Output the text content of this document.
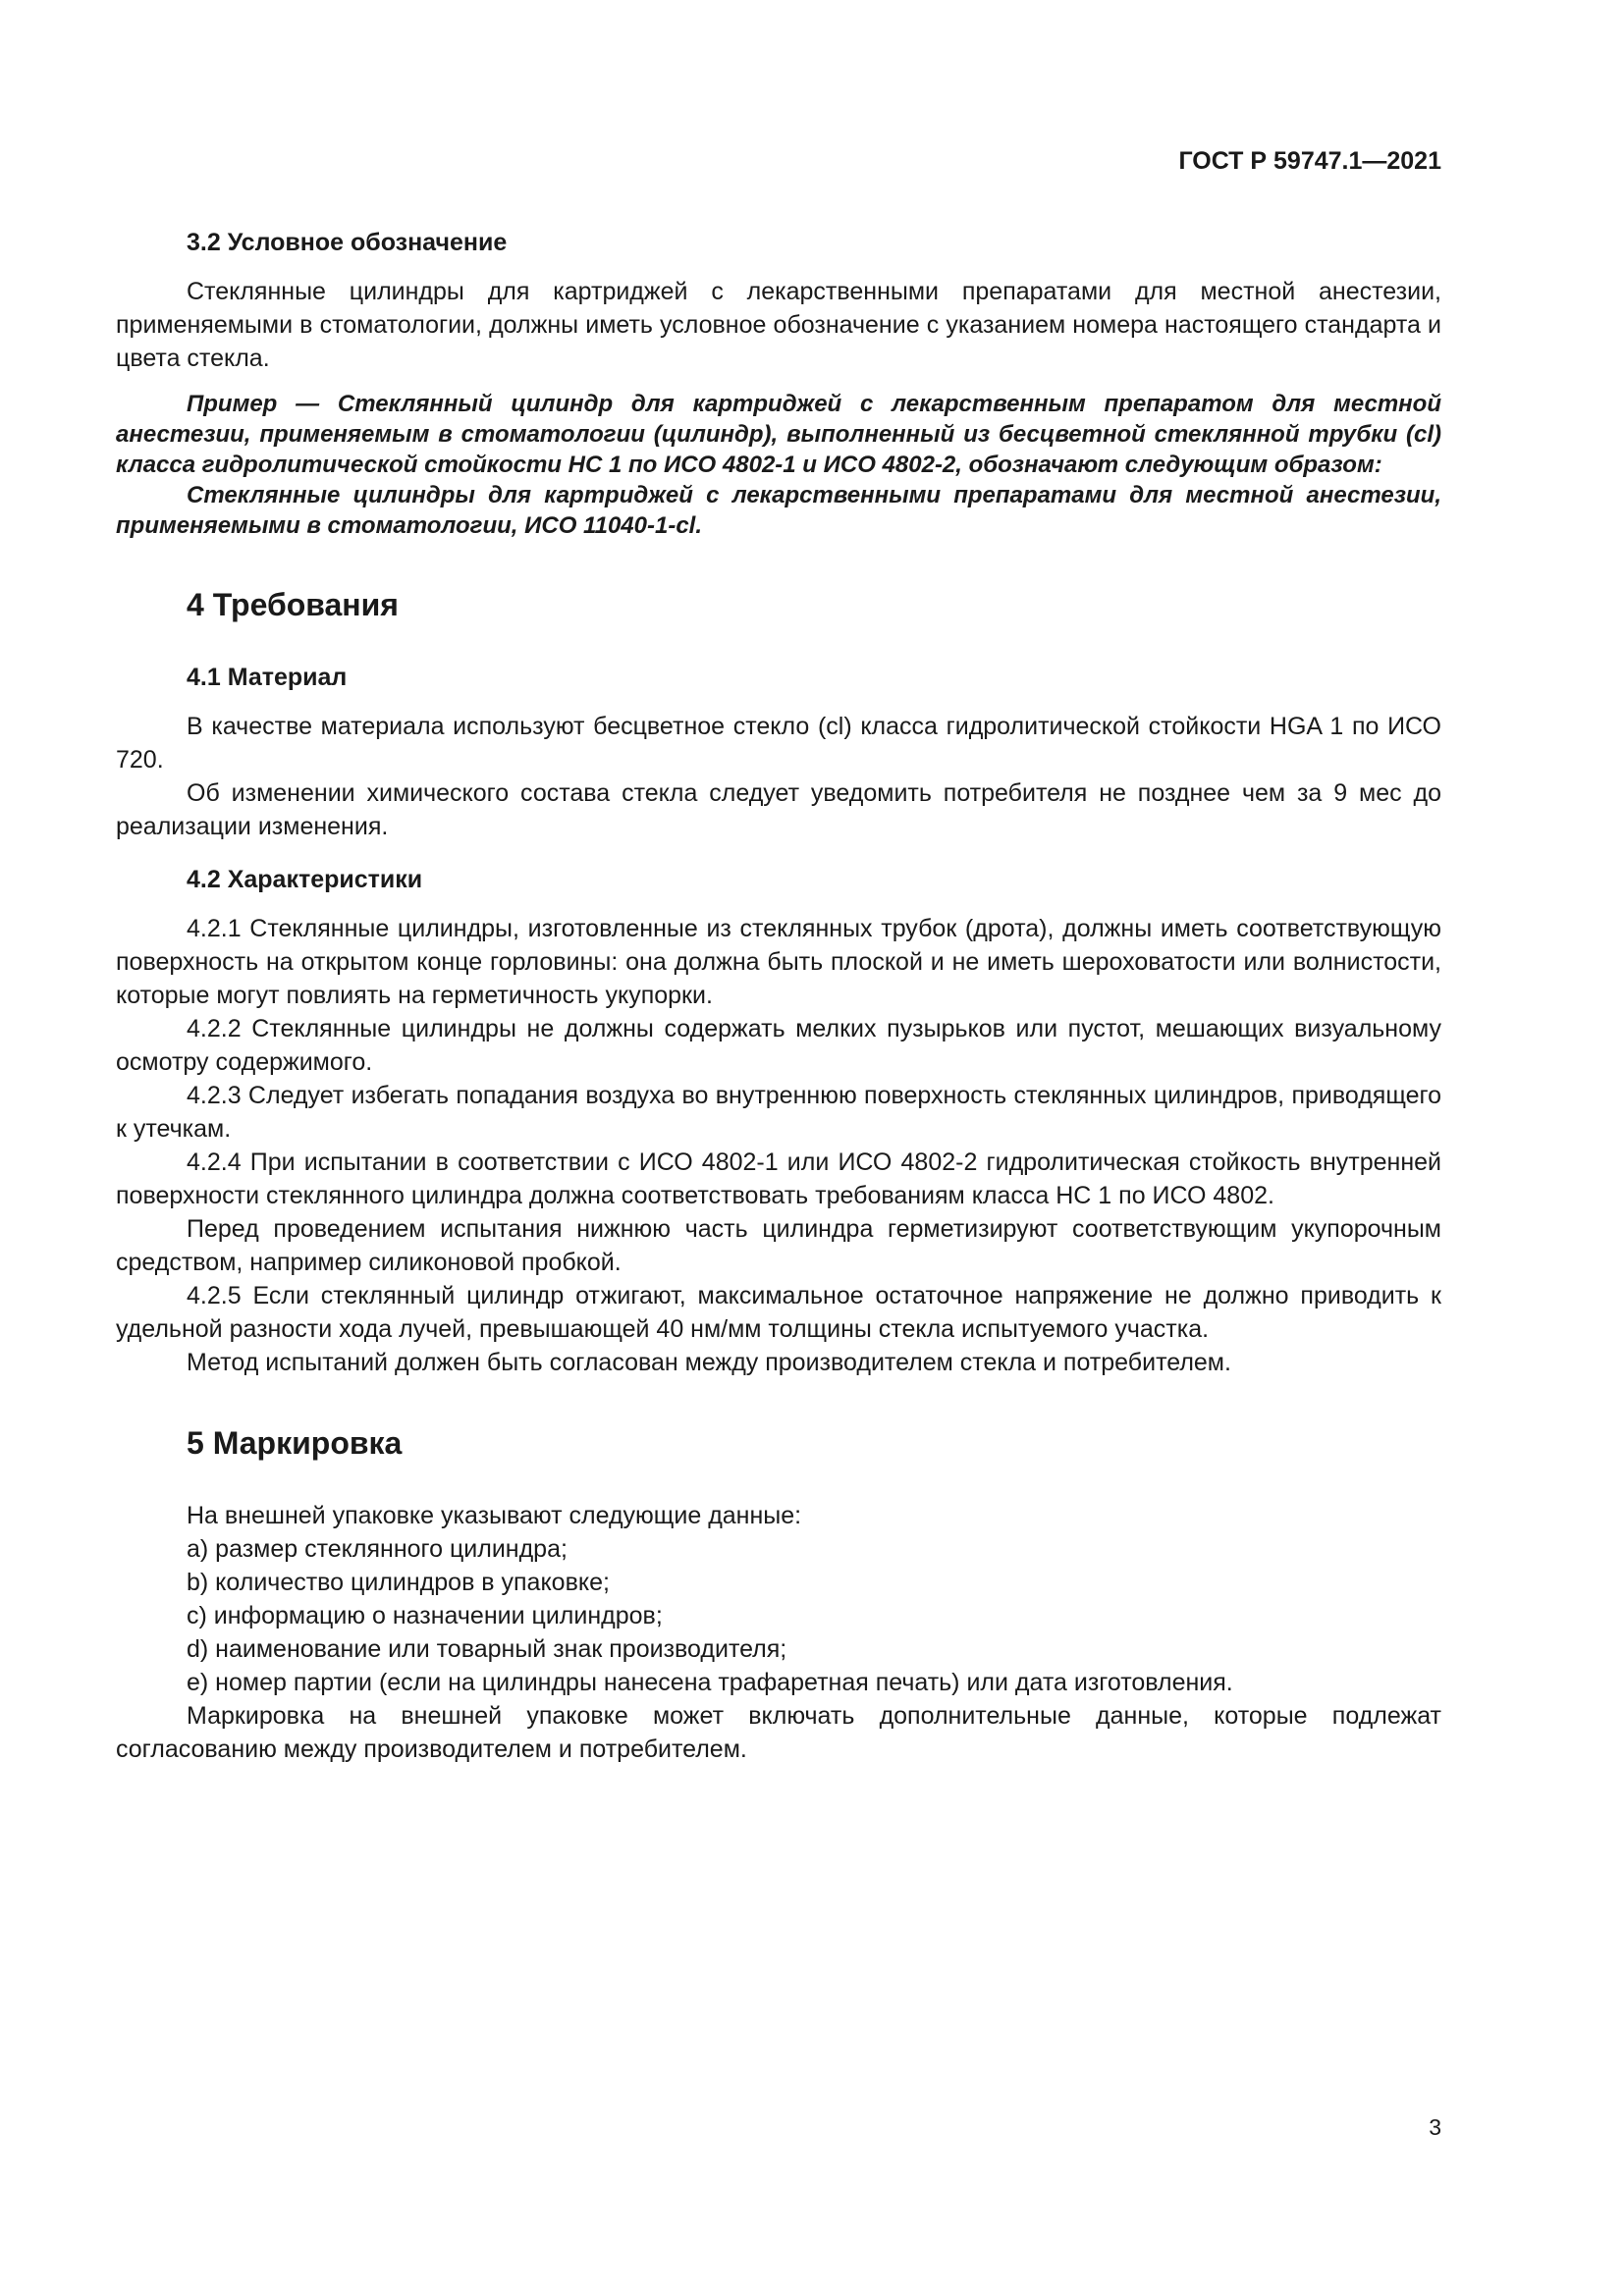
ГОСТ Р 59747.1—2021
3.2 Условное обозначение

Стеклянные цилиндры для картриджей с лекарственными препаратами для местной анестезии, применяемыми в стоматологии, должны иметь условное обозначение с указанием номера настоящего стандарта и цвета стекла.

Пример — Стеклянный цилиндр для картриджей с лекарственным препаратом для местной анестезии, применяемым в стоматологии (цилиндр), выполненный из бесцветной стеклянной трубки (cl) класса гидролитической стойкости HC 1 по ИСО 4802-1 и ИСО 4802-2, обозначают следующим образом:

Стеклянные цилиндры для картриджей с лекарственными препаратами для местной анестезии, применяемыми в стоматологии, ИСО 11040-1-cl.

4 Требования
4.1 Материал

В качестве материала используют бесцветное стекло (cl) класса гидролитической стойкости HGA 1 по ИСО 720.

Об изменении химического состава стекла следует уведомить потребителя не позднее чем за 9 мес до реализации изменения.

4.2 Характеристики

4.2.1 Стеклянные цилиндры, изготовленные из стеклянных трубок (дрота), должны иметь соответствующую поверхность на открытом конце горловины: она должна быть плоской и не иметь шероховатости или волнистости, которые могут повлиять на герметичность укупорки.

4.2.2 Стеклянные цилиндры не должны содержать мелких пузырьков или пустот, мешающих визуальному осмотру содержимого.

4.2.3 Следует избегать попадания воздуха во внутреннюю поверхность стеклянных цилиндров, приводящего к утечкам.

4.2.4 При испытании в соответствии с ИСО 4802-1 или ИСО 4802-2 гидролитическая стойкость внутренней поверхности стеклянного цилиндра должна соответствовать требованиям класса HC 1 по ИСО 4802.

Перед проведением испытания нижнюю часть цилиндра герметизируют соответствующим укупорочным средством, например силиконовой пробкой.

4.2.5 Если стеклянный цилиндр отжигают, максимальное остаточное напряжение не должно приводить к удельной разности хода лучей, превышающей 40 нм/мм толщины стекла испытуемого участка.

Метод испытаний должен быть согласован между производителем стекла и потребителем.

5 Маркировка

На внешней упаковке указывают следующие данные:

a) размер стеклянного цилиндра;
b) количество цилиндров в упаковке;
c) информацию о назначении цилиндров;
d) наименование или товарный знак производителя;
e) номер партии (если на цилиндры нанесена трафаретная печать) или дата изготовления.

Маркировка на внешней упаковке может включать дополнительные данные, которые подлежат согласованию между производителем и потребителем.

3
